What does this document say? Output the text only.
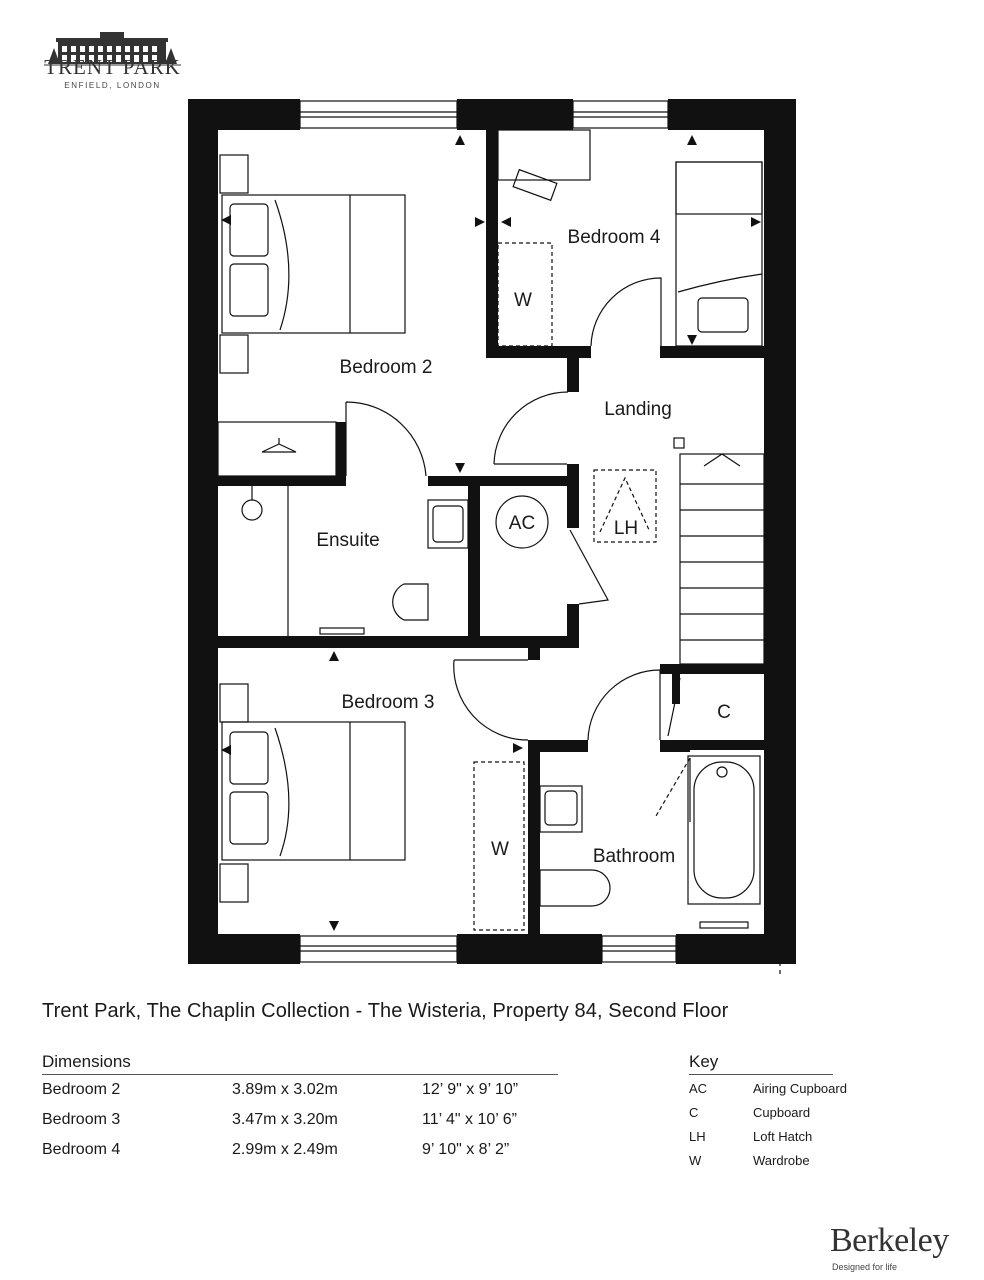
TRENT PARK
ENFIELD, LONDON
Bedroom 2
Bedroom 4
Landing
Ensuite
Bedroom 3
Bathroom
AC	LH
C
W
W
Trent Park, The Chaplin Collection - The Wisteria, Property 84, Second Floor
Dimensions
Bedroom 2	3.89m x 3.02m	12’ 9" x 9’ 10”
Bedroom 3	3.47m x 3.20m	11’ 4" x 10’ 6”
Bedroom 4	2.99m x 2.49m	9’ 10" x 8’ 2”
Key
AC	Airing Cupboard
C	Cupboard
LH	Loft Hatch
W	Wardrobe
Berkeley
Designed for life
